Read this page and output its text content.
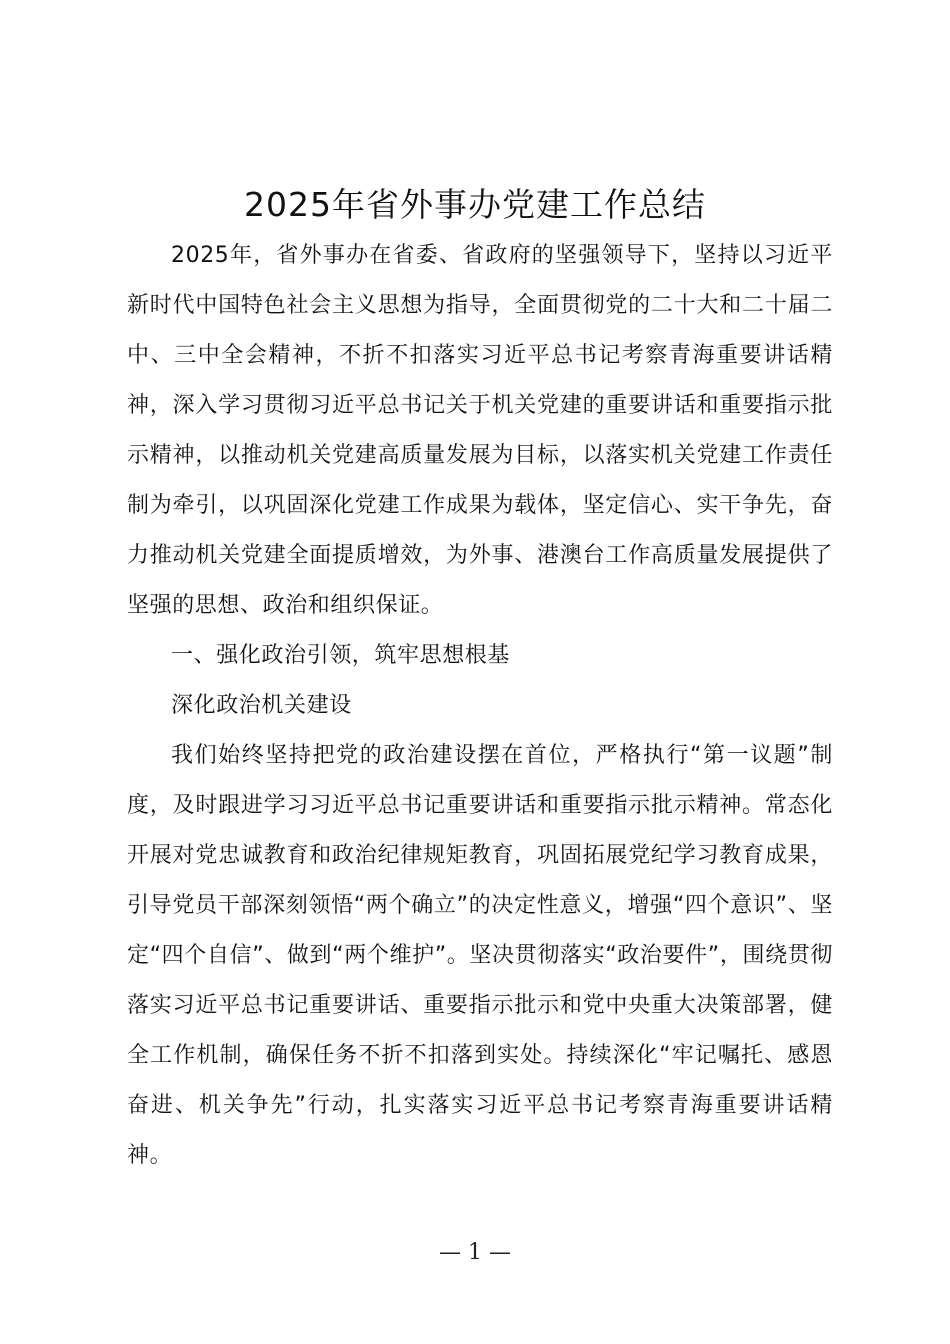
2025年省外事办党建工作总结

2025年，省外事办在省委、省政府的坚强领导下，坚持以习近平新时代中国特色社会主义思想为指导，全面贯彻党的二十大和二十届二中、三中全会精神，不折不扣落实习近平总书记考察青海重要讲话精神，深入学习贯彻习近平总书记关于机关党建的重要讲话和重要指示批示精神，以推动机关党建高质量发展为目标，以落实机关党建工作责任制为牵引，以巩固深化党建工作成果为载体，坚定信心、实干争先，奋力推动机关党建全面提质增效，为外事、港澳台工作高质量发展提供了坚强的思想、政治和组织保证。

一、强化政治引领，筑牢思想根基

深化政治机关建设

我们始终坚持把党的政治建设摆在首位，严格执行“第一议题”制度，及时跟进学习习近平总书记重要讲话和重要指示批示精神。常态化开展对党忠诚教育和政治纪律规矩教育，巩固拓展党纪学习教育成果，引导党员干部深刻领悟“两个确立”的决定性意义，增强“四个意识”、坚定“四个自信”、做到“两个维护”。坚决贯彻落实“政治要件”，围绕贯彻落实习近平总书记重要讲话、重要指示批示和党中央重大决策部署，健全工作机制，确保任务不折不扣落到实处。持续深化“牢记嘱托、感恩奋进、机关争先”行动，扎实落实习近平总书记考察青海重要讲话精神。

— 1 —
